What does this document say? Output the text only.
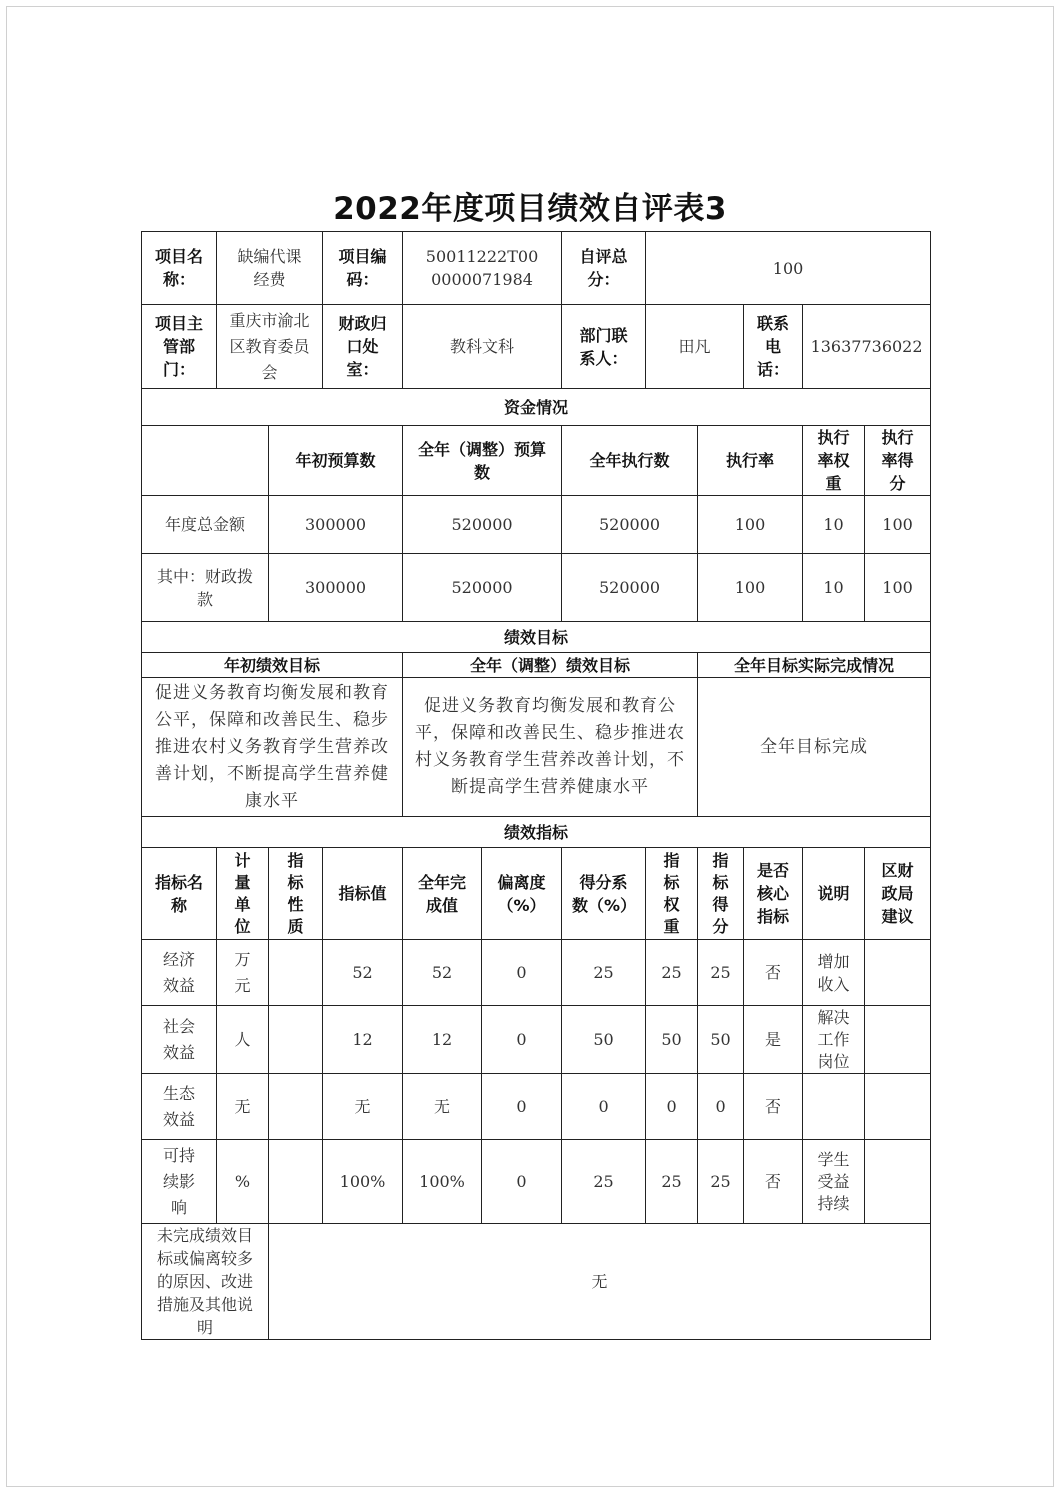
2022年度项目绩效自评表3
项目名称：	缺编代课经费		项目编码：	50011222T000000071984		自评总分：	100				
项目主管部门：	重庆市渝北区教育委员会		财政归口处室：	教科文科		部门联系人：	田凡		联系电话：	13637736022	
资金情况											
		年初预算数		全年（调整）预算数		全年执行数		执行率		执行率权重	执行率得分
年度总金额		300000		520000		520000		100		10	100
其中：财政拨款		300000		520000		520000		100		10	100
绩效目标											
年初绩效目标				全年（调整）绩效目标				全年目标实际完成情况			
促进义务教育均衡发展和教育公平，保障和改善民生、稳步推进农村义务教育学生营养改善计划，不断提高学生营养健康水平				促进义务教育均衡发展和教育公平，保障和改善民生、稳步推进农村义务教育学生营养改善计划，不断提高学生营养健康水平				全年目标完成			
绩效指标											
指标名称	计量单位	指标性质	指标值	全年完成值	偏离度（%）	得分系数（%）	指标权重	指标得分	是否核心指标	说明	区财政局建议
经济效益	万元		52	52	0	25	25	25	否	增加收入	
社会效益	人		12	12	0	50	50	50	是	解决工作岗位	
生态效益	无		无	无	0	0	0	0	否		
可持续影响	%		100%	100%	0	25	25	25	否	学生受益持续	
未完成绩效目标或偏离较多的原因、改进措施及其他说明		无									
